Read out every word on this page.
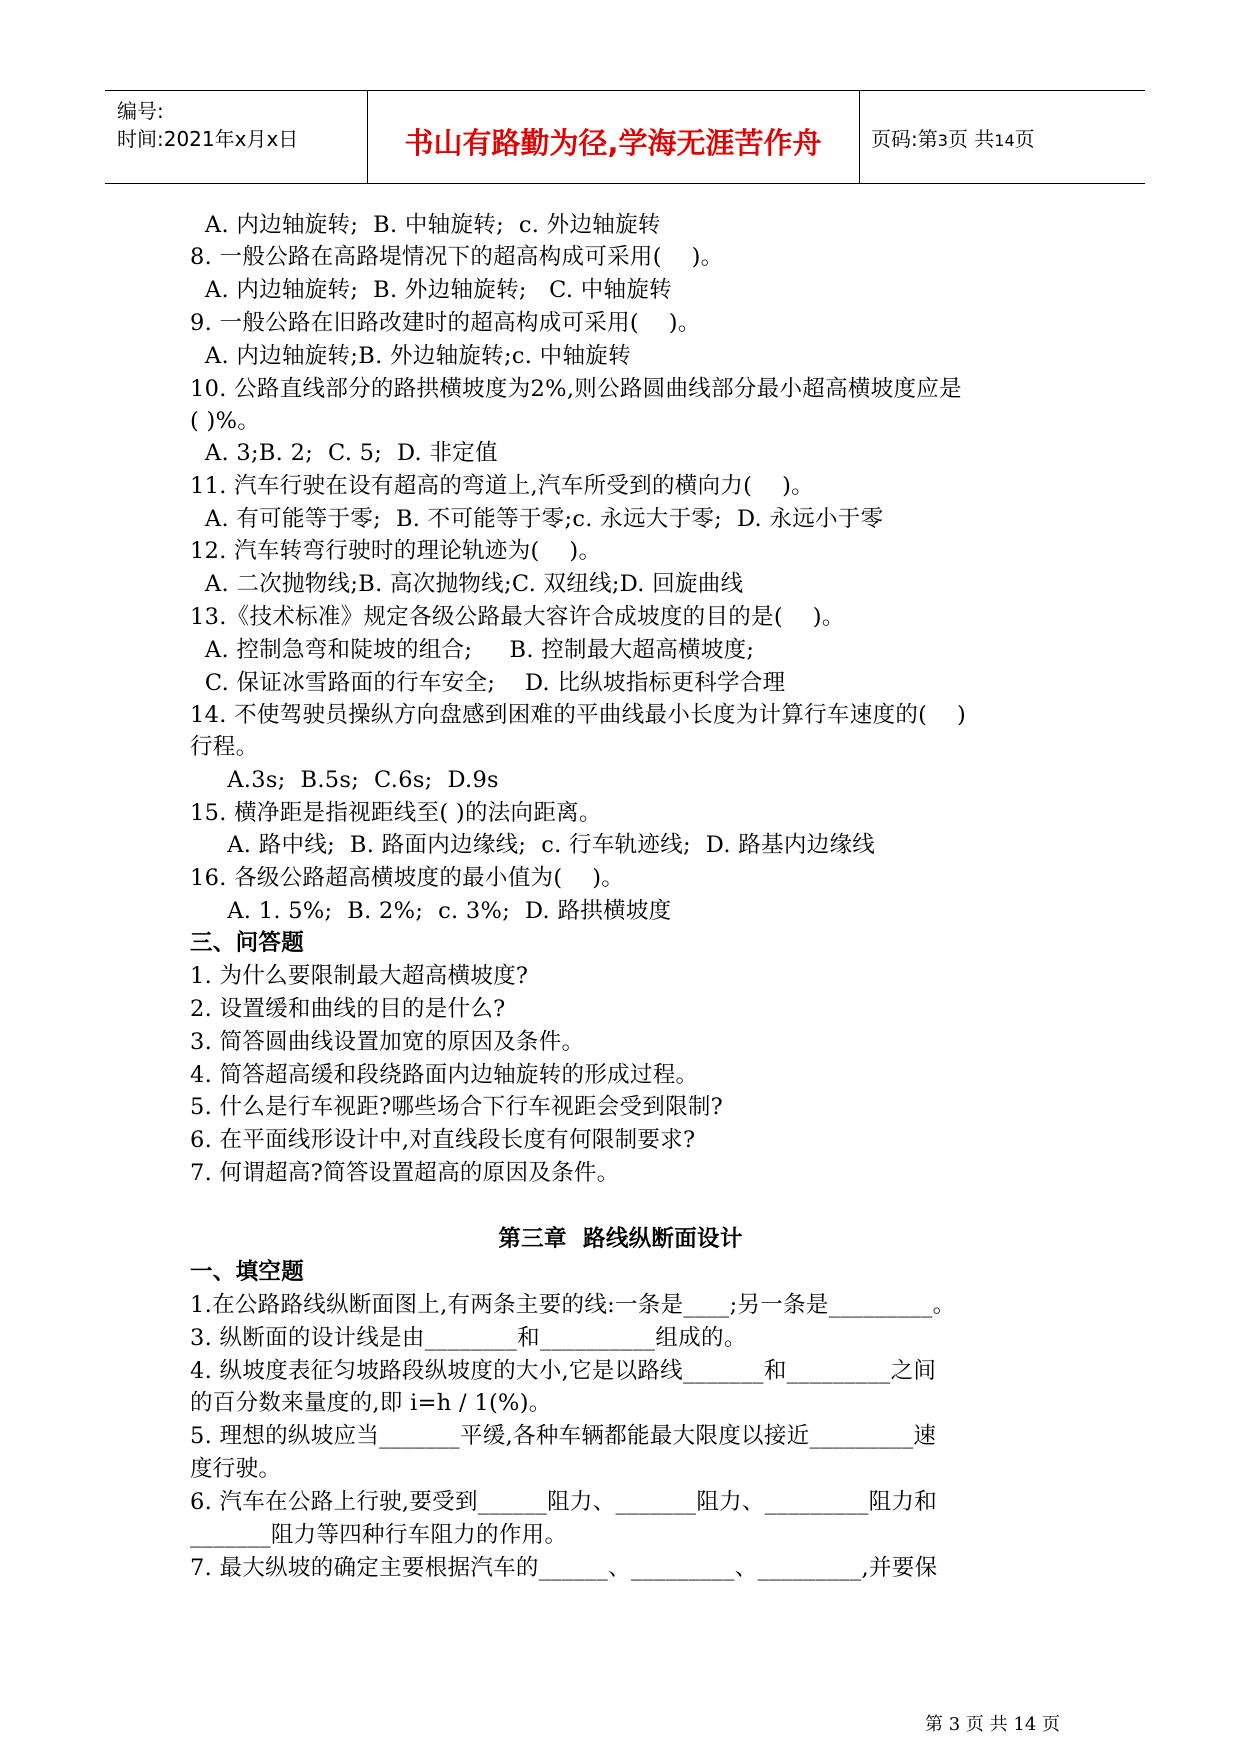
编号:
时间:2021年x月x日	书山有路勤为径,学海无涯苦作舟	页码:第3页 共14页
A. 内边轴旋转;  B. 中轴旋转;  c. 外边轴旋转
8. 一般公路在高路堤情况下的超高构成可采用(    )。
A. 内边轴旋转;  B. 外边轴旋转;   C. 中轴旋转
9. 一般公路在旧路改建时的超高构成可采用(    )。
A. 内边轴旋转;B. 外边轴旋转;c. 中轴旋转
10. 公路直线部分的路拱横坡度为2%,则公路圆曲线部分最小超高横坡度应是
( )%。
A. 3;B. 2;  C. 5;  D. 非定值
11. 汽车行驶在设有超高的弯道上,汽车所受到的横向力(    )。
A. 有可能等于零;  B. 不可能等于零;c. 永远大于零;  D. 永远小于零
12. 汽车转弯行驶时的理论轨迹为(    )。
A. 二次抛物线;B. 高次抛物线;C. 双纽线;D. 回旋曲线
13.《技术标准》规定各级公路最大容许合成坡度的目的是(    )。
A. 控制急弯和陡坡的组合;     B. 控制最大超高横坡度;
C. 保证冰雪路面的行车安全;    D. 比纵坡指标更科学合理
14. 不使驾驶员操纵方向盘感到困难的平曲线最小长度为计算行车速度的(    )
行程。
A.3s;  B.5s;  C.6s;  D.9s
15. 横净距是指视距线至( )的法向距离。
A. 路中线;  B. 路面内边缘线;  c. 行车轨迹线;  D. 路基内边缘线
16. 各级公路超高横坡度的最小值为(    )。
A. 1. 5%;  B. 2%;  c. 3%;  D. 路拱横坡度
三、问答题
1. 为什么要限制最大超高横坡度?
2. 设置缓和曲线的目的是什么?
3. 简答圆曲线设置加宽的原因及条件。
4. 简答超高缓和段绕路面内边轴旋转的形成过程。
5. 什么是行车视距?哪些场合下行车视距会受到限制?
6. 在平面线形设计中,对直线段长度有何限制要求?
7. 何谓超高?简答设置超高的原因及条件。
第三章  路线纵断面设计
一、填空题
1.在公路路线纵断面图上,有两条主要的线:一条是____;另一条是_________。
3. 纵断面的设计线是由________和__________组成的。
4. 纵坡度表征匀坡路段纵坡度的大小,它是以路线_______和_________之间
的百分数来量度的,即 i=h / 1(%)。
5. 理想的纵坡应当_______平缓,各种车辆都能最大限度以接近_________速
度行驶。
6. 汽车在公路上行驶,要受到______阻力、_______阻力、_________阻力和
_______阻力等四种行车阻力的作用。
7. 最大纵坡的确定主要根据汽车的______、_________、_________,并要保
第 3 页 共 14 页
